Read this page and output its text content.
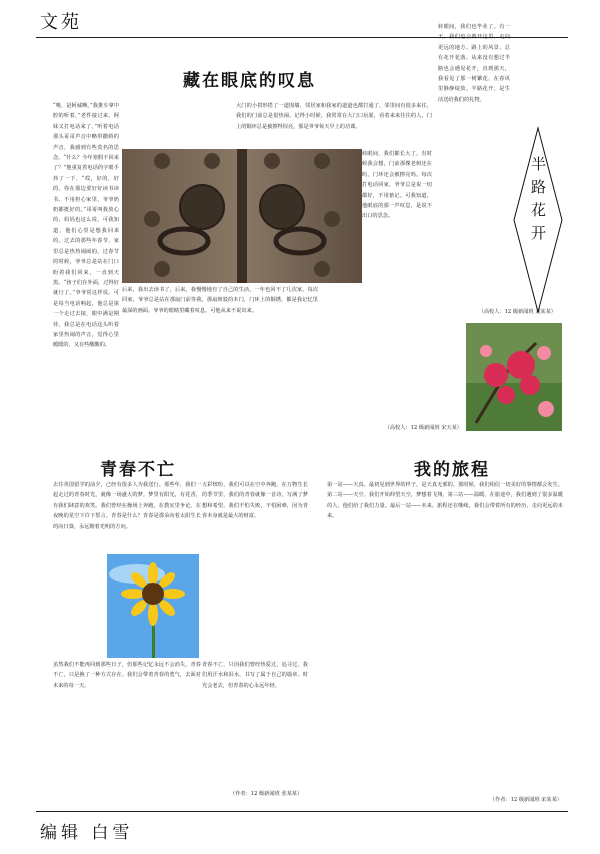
文苑
藏在眼底的叹息
“唯，是阿诚啊。”我推车拿中腔的听着，”老件接过来，阿妹又打电话来了。”听着电话那头哥哥声音中略带撒娇的声音，我感到有些莫名的思念。“什么？今年寒假不回来了？”他重复着电话的字眼手抖了一下，“哎，好的，好的。你在那边要好好读书读书。不用担心家里，爷爷奶奶都挺好的。”哥哥叫我放心的，妈妈也这么说，可我知道，他们心里是想我回来的。过去的那些年春节，家里总是热热闹闹的。过春节的时候，爷爷总是站在门口盼着我们回来，一直到天黑。“孩子们在外面，过得好就行了。”爷爷常这样说。可是每当电话响起，他总是第一个走过去接，眼中满是期待。我总是在电话这头听着家里热闹的声音，觉得心里暖暖的，又有些酸酸的。
大门的小拱形搭了一道围墙，邻居家和我家的道道也都打通了，邻里间有很多来往，我们的门前总是很热闹。记得小时候，我常常在大门口玩耍，看着来来往往的人。门上的铜环总是被擦得锃亮，那是爷爷每天早上的功课。
后来，我出去读书了，后来，我慢慢地有了自己的生活，一年也回不了几次家。每次回家，爷爷总是站在那扇门前等我。那扇斑驳的木门，门环上的铜锈，都是我记忆里最深的画面。爷爷的眼睛里藏着叹息，可他从来不说出来。
转眼间，我们都长大了。有时候我会想，门前那棵老树还在吗，门环还会被擦亮吗。每次打电话回家，爷爷总是说一切都好，不用惦记。可我知道，他眼底的那一声叹息，是说不出口的思念。
（高校人：12 级新闻班 宋天某）
转眼间，我们也毕业了。有一天，我们也会离开这里，走向更远的地方。路上的风景，总有花开花落。从来没有想过半路也会遇见花开，直到那天，我看见了那一树繁花，在春风里静静绽放。半路花开，是生活送给我们的礼物。
半路花开
（高校人：12 级新闻班 刘某某）
青春不亡
去往英国留学的前夕，已经有很多人为我送行。那些年，我们一起走过的青春时光，就像一场盛大的梦。梦里有阳光，有花香，有我们肆意的欢笑。我们曾经在操场上奔跑，在教室里争论，在夜晚的星空下许下誓言。青春是什么？青春是那朵向着太阳生长的向日葵，永远朝着光明的方向。
虽然我们不能再回到那些日子，但那些记忆永远不会消失。青春不亡，只是换了一种方式存在。我们会带着青春的勇气，去面对未来的每一天。
五彩缤纷，我们可以在空中奔跑，在万物生长的季节里，我们的青春就像一首诗，写满了梦想和希望。我们不怕失败，不怕困难，因为青春本身就是最大的财富。
青春不亡，只因我们曾经热爱过、追寻过。我们用汗水和泪水，书写了属于自己的篇章。时光会老去，但青春的心永远年轻。
（作者：12 级新闻班 张某某）
我的旅程
第一站——天真。最初见到世界的样子，是天真无邪的。那时候，我们相信一切美好的事情都会发生。第二站——天空。我们开始仰望天空，梦想着飞翔。第三站——温暖。在旅途中，我们遇到了很多温暖的人，他们给了我们力量。最后一站——未来。旅程还在继续，我们会带着所有的经历，走向更远的未来。
（作者：12 级新闻班 宋某某）
编辑 白雪
